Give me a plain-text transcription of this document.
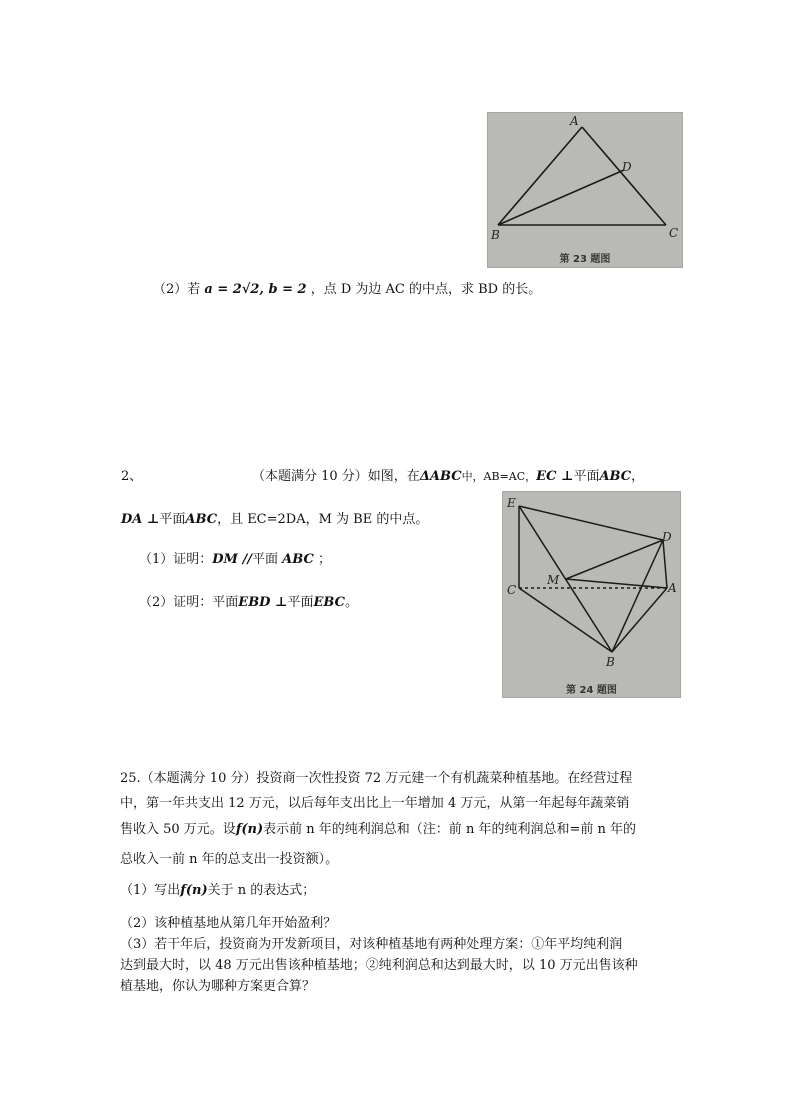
A
B	C
D
第 23 题图
（2）若 a = 2√2, b = 2 ，点 D 为边 AC 的中点，求 BD 的长。
2、	（本题满分 10 分）如图，在ΔABC中，AB=AC，EC ⊥平面ABC，
DA ⊥平面ABC，且 EC=2DA，M 为 BE 的中点。
（1）证明：DM //平面 ABC ；
（2）证明：平面EBD ⊥平面EBC。
E
D
M
C	A
B
第 24 题图
25.（本题满分 10 分）投资商一次性投资 72 万元建一个有机蔬菜种植基地。在经营过程
中，第一年共支出 12 万元，以后每年支出比上一年增加 4 万元，从第一年起每年蔬菜销
售收入 50 万元。设f(n)表示前 n 年的纯利润总和（注：前 n 年的纯利润总和=前 n 年的
总收入一前 n 年的总支出一投资额）。
（1）写出f(n)关于 n 的表达式；
（2）该种植基地从第几年开始盈利？
（3）若干年后，投资商为开发新项目，对该种植基地有两种处理方案：①年平均纯利润
达到最大时，以 48 万元出售该种植基地；②纯利润总和达到最大时，以 10 万元出售该种
植基地，你认为哪种方案更合算？
